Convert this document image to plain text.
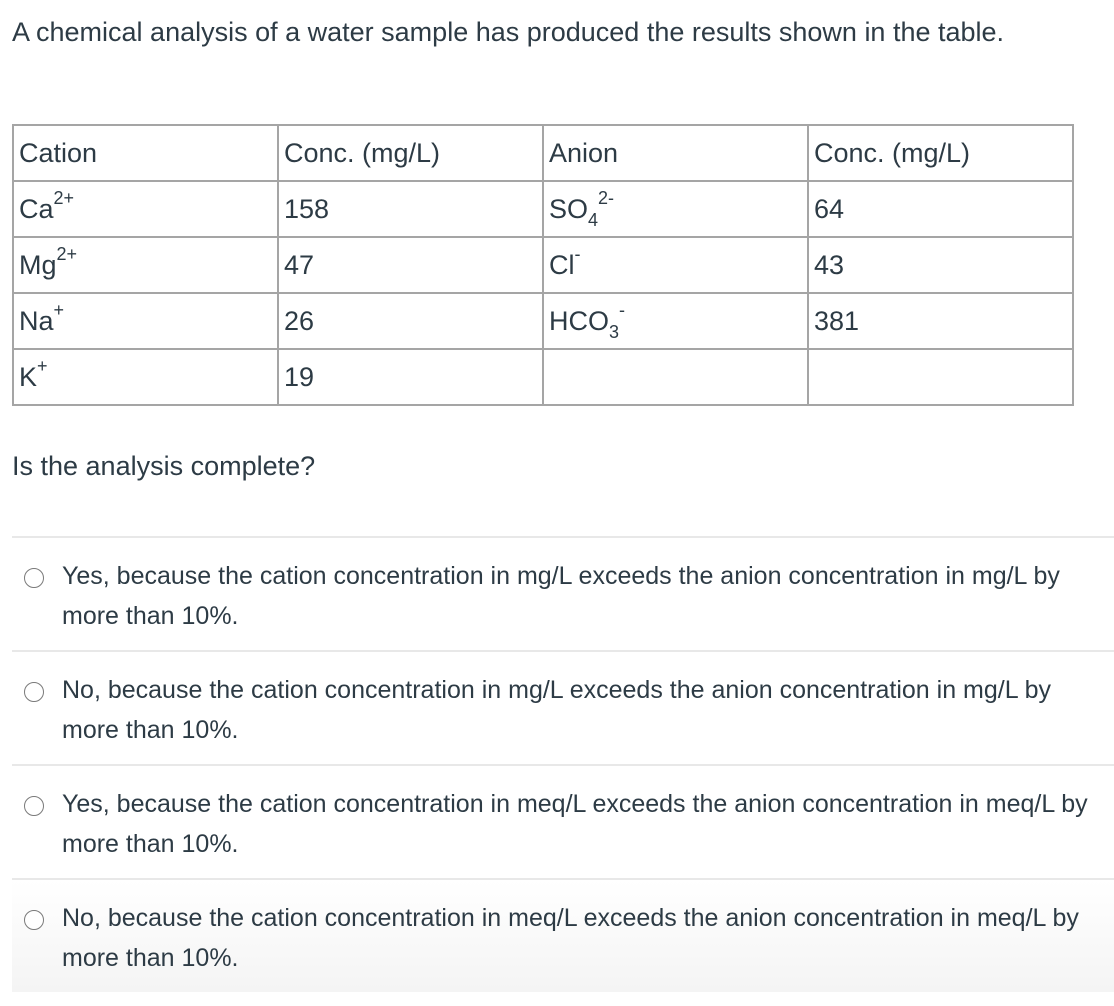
A chemical analysis of a water sample has produced the results shown in the table.
Cation	Conc. (mg/L)	Anion	Conc. (mg/L)
$Ca^{2+}$	158	$SO_4^{2-}$	64
$Mg^{2+}$	47	Cl-	43
Na+	26	$HCO_3^-$	381
K+	19		
Is the analysis complete?
Yes, because the cation concentration in mg/L exceeds the anion concentration in mg/L by more than 10%.
No, because the cation concentration in mg/L exceeds the anion concentration in mg/L by more than 10%.
Yes, because the cation concentration in meq/L exceeds the anion concentration in meq/L by more than 10%.
No, because the cation concentration in meq/L exceeds the anion concentration in meq/L by more than 10%.
